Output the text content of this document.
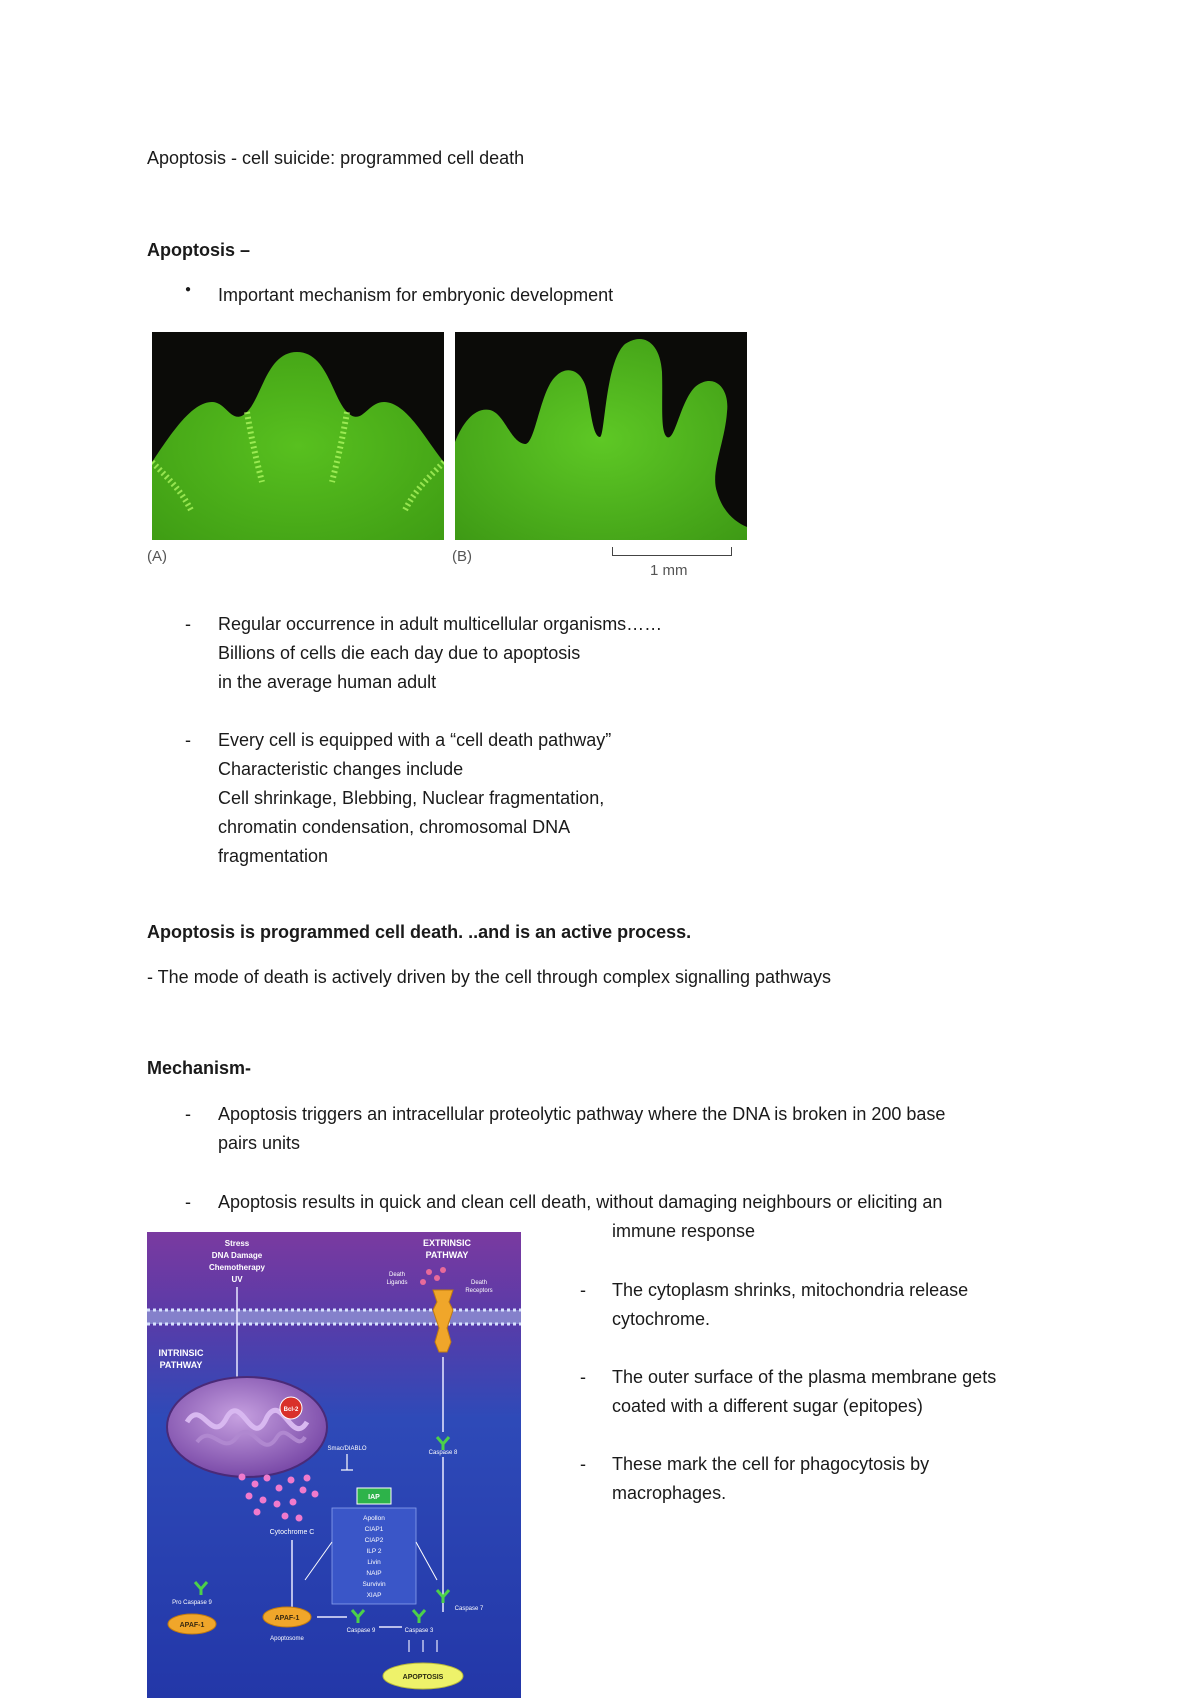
Apoptosis - cell suicide: programmed cell death
Apoptosis –
● Important mechanism for embryonic development
(A)	(B)
1 mm
- Regular occurrence in adult multicellular organisms……
Billions of cells die each day due to apoptosis
in the average human adult
- Every cell is equipped with a “cell death pathway”
Characteristic changes include
Cell shrinkage, Blebbing, Nuclear fragmentation,
chromatin condensation, chromosomal DNA
fragmentation
Apoptosis is programmed cell death. ..and is an active process.
- The mode of death is actively driven by the cell through complex signalling pathways
Mechanism-
- Apoptosis triggers an intracellular proteolytic pathway where the DNA is broken in 200 base
pairs units
- Apoptosis results in quick and clean cell death, without damaging neighbours or eliciting an
immune response
- The cytoplasm shrinks, mitochondria release
cytochrome.
- The outer surface of the plasma membrane gets
coated with a different sugar (epitopes)
- These mark the cell for phagocytosis by
macrophages.
Stress
DNA Damage
Chemotherapy
UV
EXTRINSIC
PATHWAY
Death
Ligands	Death
Receptors
INTRINSIC
PATHWAY
Bcl-2
Cytochrome C
Smac/DIABLO
Caspase 8
IAP
Apollon
CIAP1
CIAP2
ILP 2
Livin
NAIP
Survivin
XIAP
Pro Caspase 9
APAF-1
APAF-1
Apoptosome
Caspase 9	Caspase 3
Caspase 7
APOPTOSIS
